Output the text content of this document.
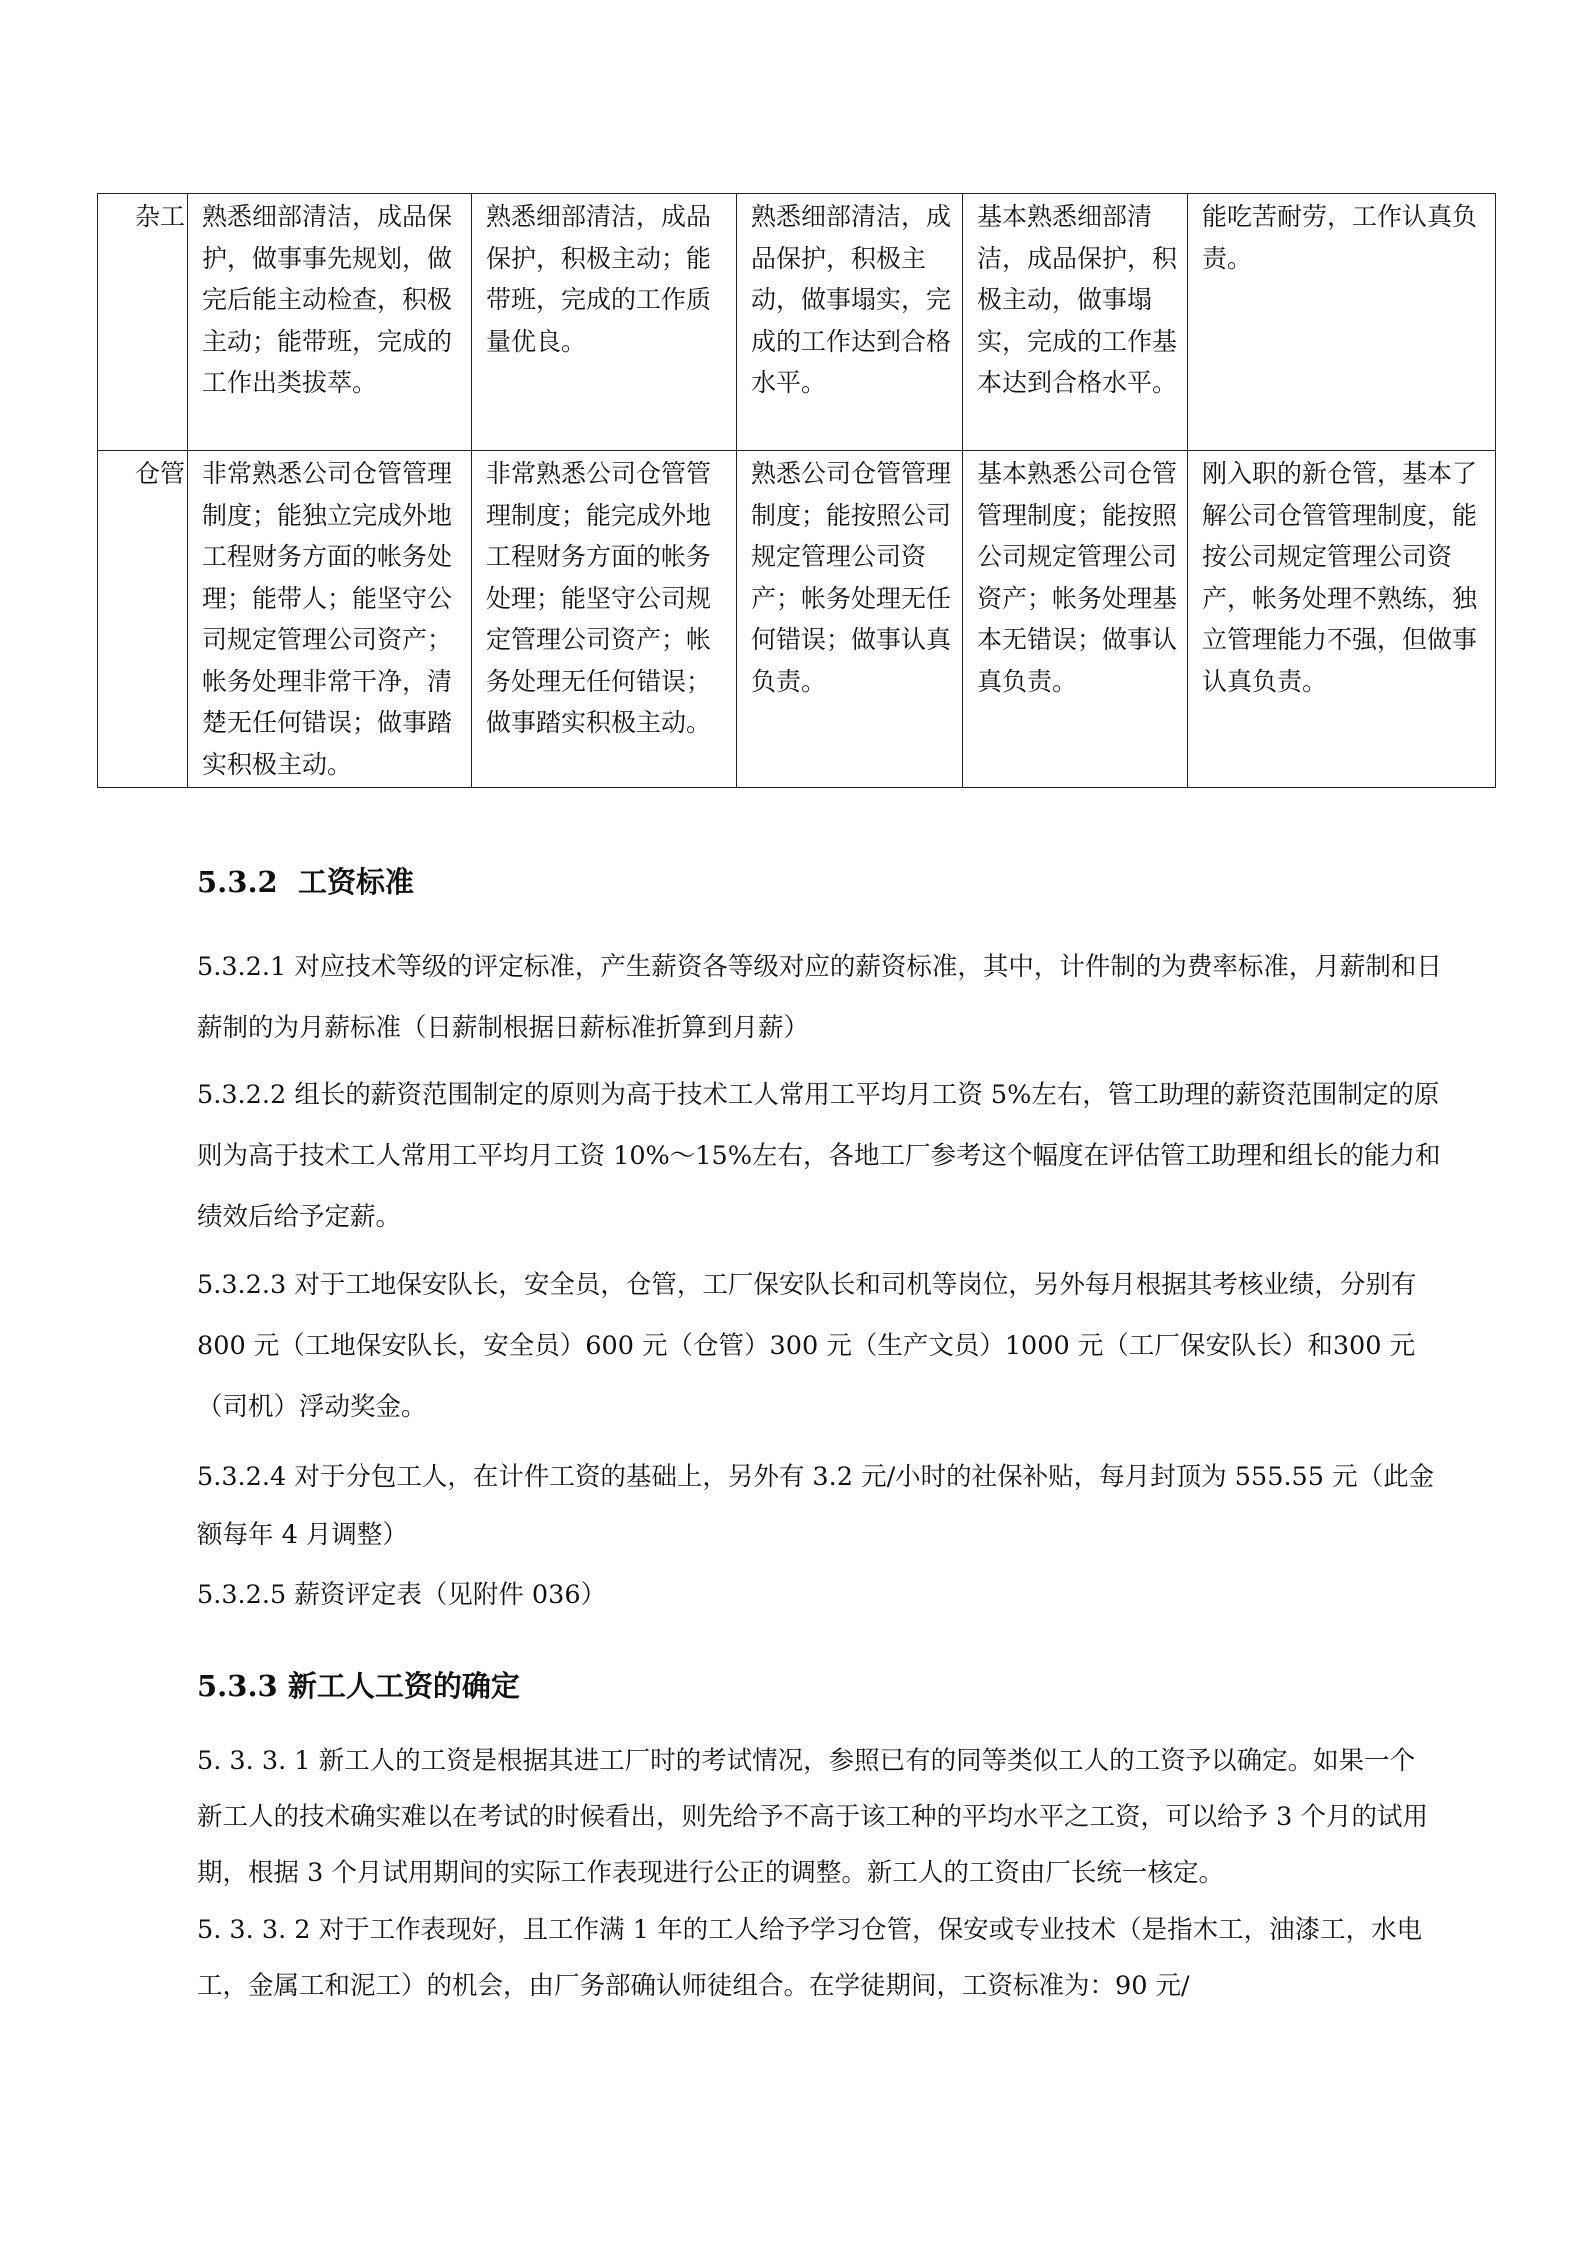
杂工	熟悉细部清洁，成品保护，做事事先规划，做完后能主动检查，积极主动；能带班，完成的工作出类拔萃。	熟悉细部清洁，成品保护，积极主动；能带班，完成的工作质量优良。	熟悉细部清洁，成品保护，积极主动，做事塌实，完成的工作达到合格水平。	基本熟悉细部清洁，成品保护，积极主动，做事塌实，完成的工作基本达到合格水平。	能吃苦耐劳，工作认真负责。
仓管	非常熟悉公司仓管管理制度；能独立完成外地工程财务方面的帐务处理；能带人；能坚守公司规定管理公司资产；帐务处理非常干净，清楚无任何错误；做事踏实积极主动。	非常熟悉公司仓管管理制度；能完成外地工程财务方面的帐务处理；能坚守公司规定管理公司资产；帐务处理无任何错误；做事踏实积极主动。	熟悉公司仓管管理制度；能按照公司规定管理公司资产；帐务处理无任何错误；做事认真负责。	基本熟悉公司仓管管理制度；能按照公司规定管理公司资产；帐务处理基本无错误；做事认真负责。	刚入职的新仓管，基本了解公司仓管管理制度，能按公司规定管理公司资产，帐务处理不熟练，独立管理能力不强，但做事认真负责。
5.3.2 工资标准
5.3.2.1 对应技术等级的评定标准，产生薪资各等级对应的薪资标准，其中，计件制的为费率标准，月薪制和日薪制的为月薪标准（日薪制根据日薪标准折算到月薪）
5.3.2.2 组长的薪资范围制定的原则为高于技术工人常用工平均月工资 5%左右，管工助理的薪资范围制定的原则为高于技术工人常用工平均月工资 10%～15%左右，各地工厂参考这个幅度在评估管工助理和组长的能力和绩效后给予定薪。
5.3.2.3 对于工地保安队长，安全员，仓管，工厂保安队长和司机等岗位，另外每月根据其考核业绩，分别有 800 元（工地保安队长，安全员）600 元（仓管）300 元（生产文员）1000 元（工厂保安队长）和300 元（司机）浮动奖金。
5.3.2.4 对于分包工人，在计件工资的基础上，另外有 3.2 元/小时的社保补贴，每月封顶为 555.55 元（此金额每年 4 月调整）
5.3.2.5 薪资评定表（见附件 036）
5.3.3 新工人工资的确定
5. 3. 3. 1 新工人的工资是根据其进工厂时的考试情况，参照已有的同等类似工人的工资予以确定。如果一个新工人的技术确实难以在考试的时候看出，则先给予不高于该工种的平均水平之工资，可以给予 3 个月的试用期，根据 3 个月试用期间的实际工作表现进行公正的调整。新工人的工资由厂长统一核定。
5. 3. 3. 2 对于工作表现好，且工作满 1 年的工人给予学习仓管，保安或专业技术（是指木工，油漆工，水电工，金属工和泥工）的机会，由厂务部确认师徒组合。在学徒期间，工资标准为：90 元/
